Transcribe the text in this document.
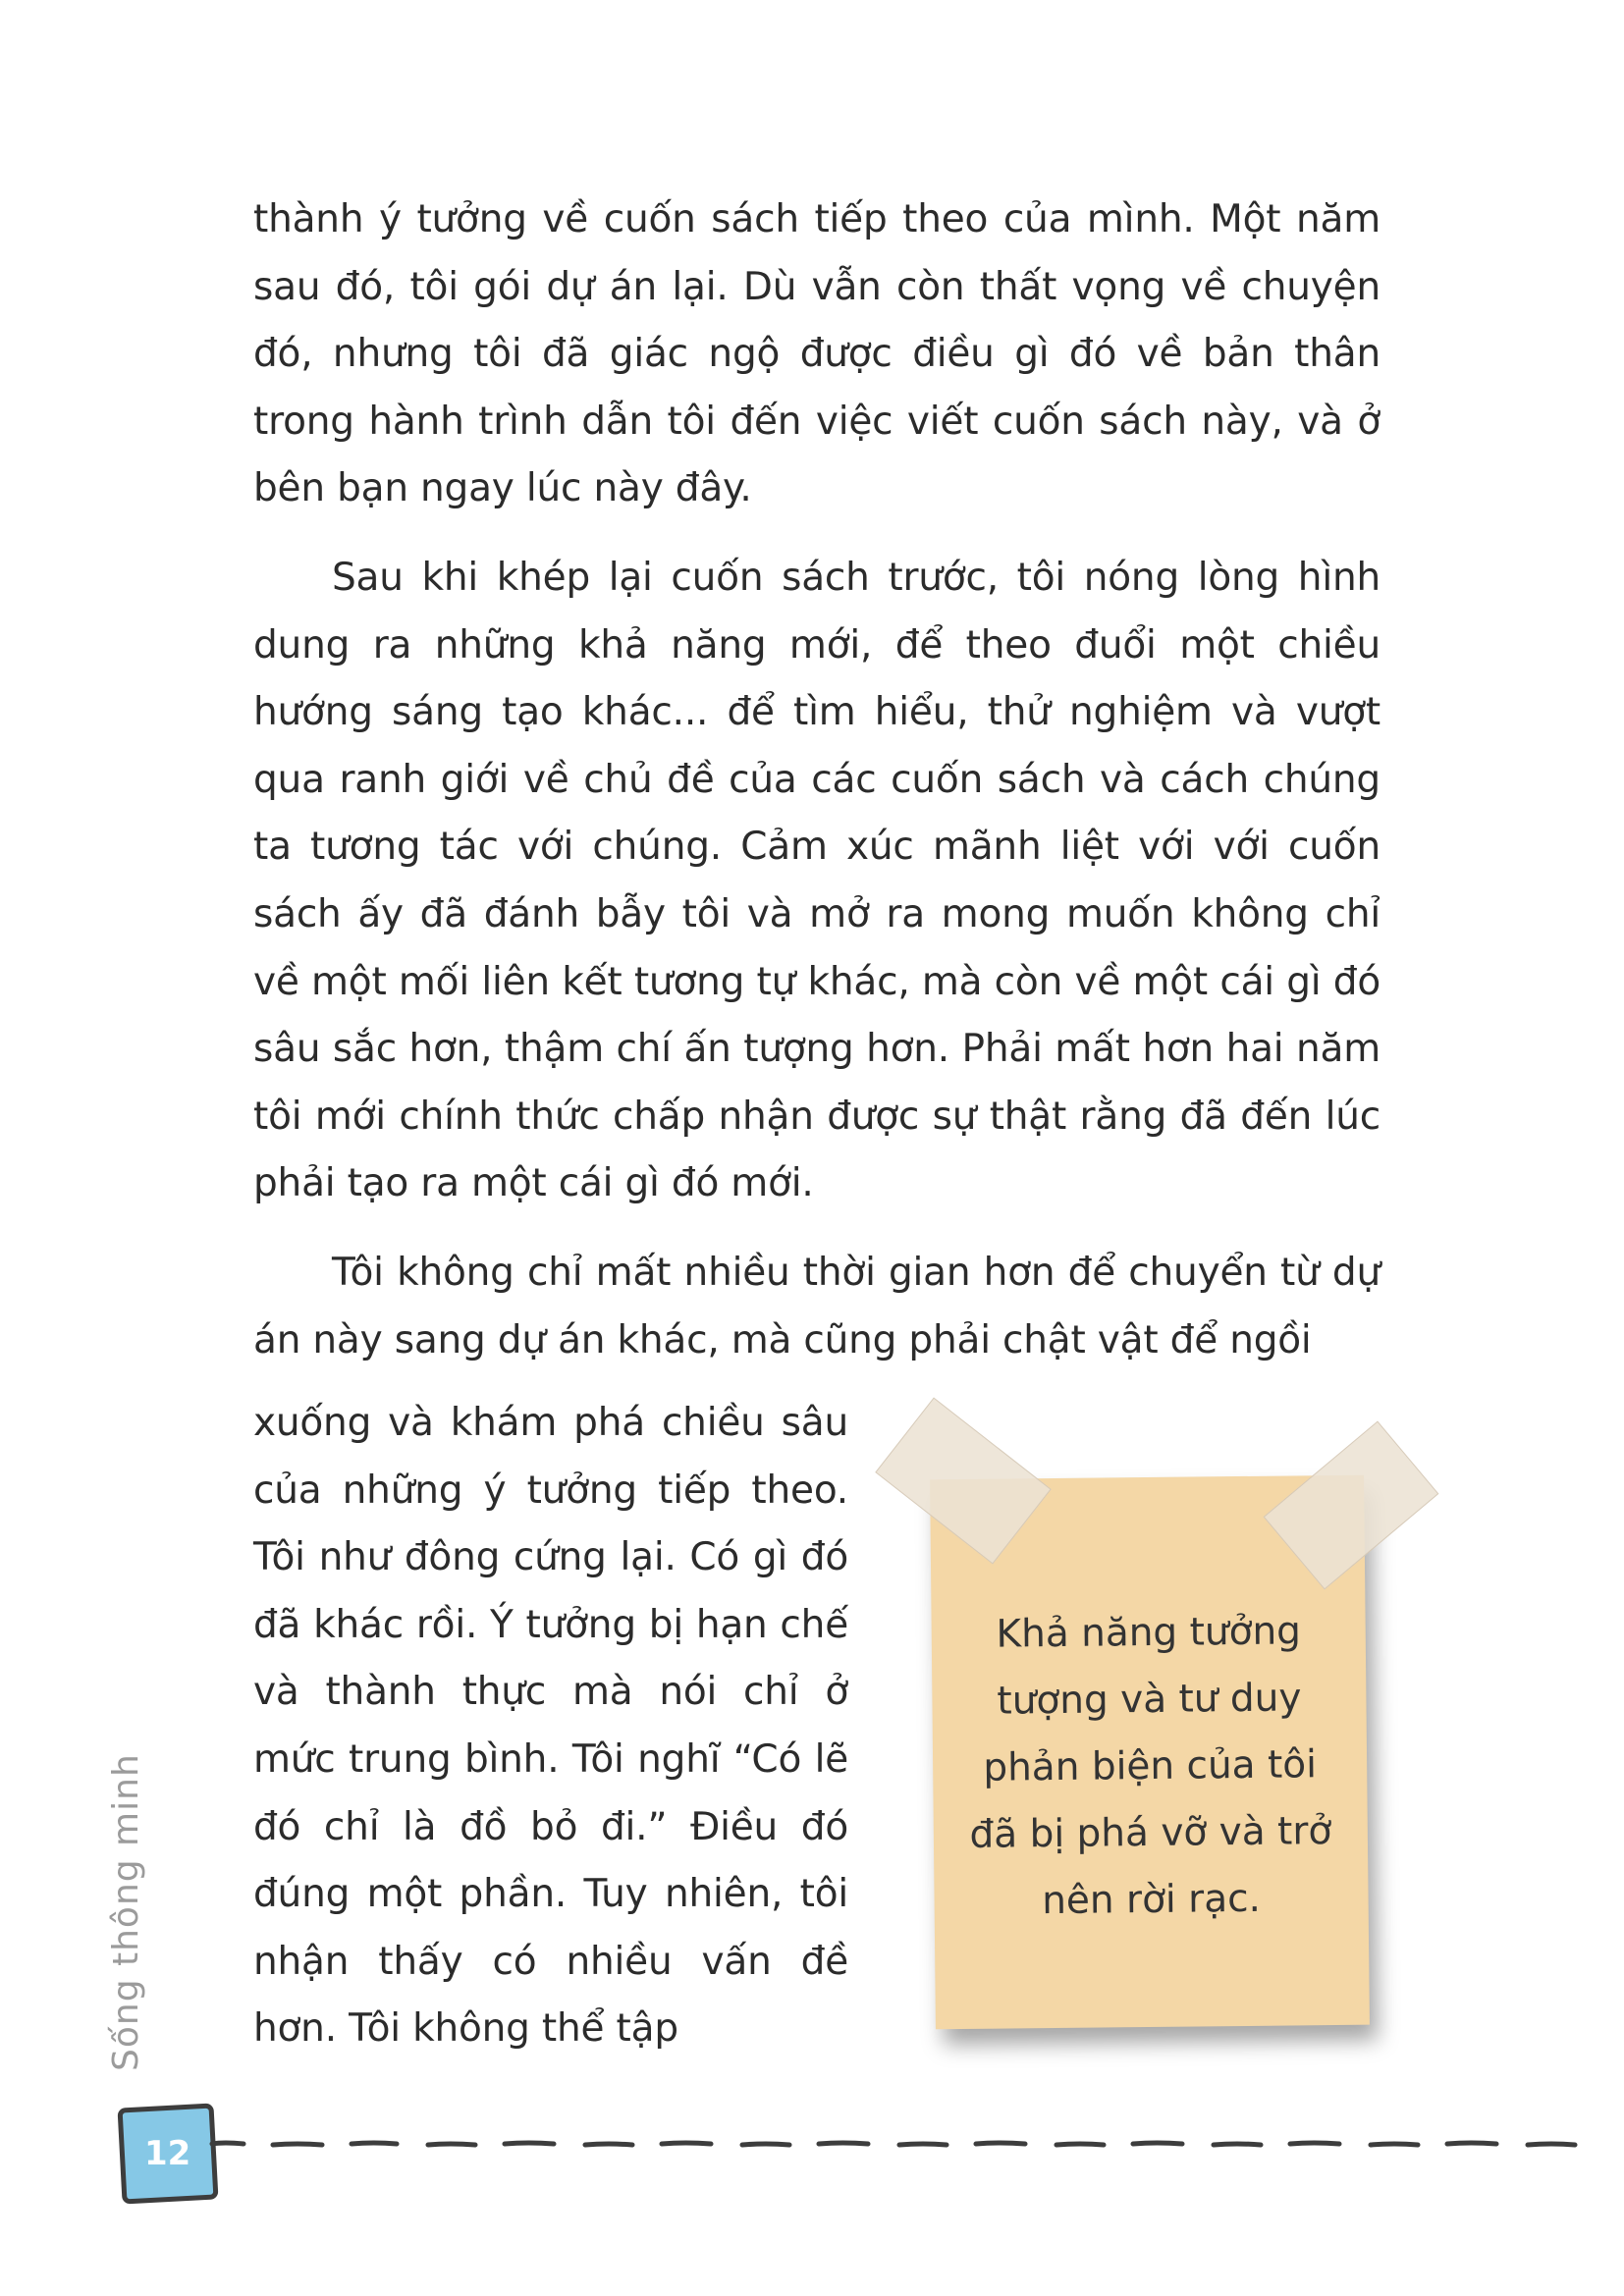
thành ý tưởng về cuốn sách tiếp theo của mình. Một năm sau đó, tôi gói dự án lại. Dù vẫn còn thất vọng về chuyện đó, nhưng tôi đã giác ngộ được điều gì đó về bản thân trong hành trình dẫn tôi đến việc viết cuốn sách này, và ở bên bạn ngay lúc này đây.

Sau khi khép lại cuốn sách trước, tôi nóng lòng hình dung ra những khả năng mới, để theo đuổi một chiều hướng sáng tạo khác... để tìm hiểu, thử nghiệm và vượt qua ranh giới về chủ đề của các cuốn sách và cách chúng ta tương tác với chúng. Cảm xúc mãnh liệt với với cuốn sách ấy đã đánh bẫy tôi và mở ra mong muốn không chỉ về một mối liên kết tương tự khác, mà còn về một cái gì đó sâu sắc hơn, thậm chí ấn tượng hơn. Phải mất hơn hai năm tôi mới chính thức chấp nhận được sự thật rằng đã đến lúc phải tạo ra một cái gì đó mới.

Tôi không chỉ mất nhiều thời gian hơn để chuyển từ dự án này sang dự án khác, mà cũng phải chật vật để ngồi

xuống và khám phá chiều sâu của những ý tưởng tiếp theo. Tôi như đông cứng lại. Có gì đó đã khác rồi. Ý tưởng bị hạn chế và thành thực mà nói chỉ ở mức trung bình. Tôi nghĩ “Có lẽ đó chỉ là đồ bỏ đi.” Điều đó đúng một phần. Tuy nhiên, tôi nhận thấy có nhiều vấn đề hơn. Tôi không thể tập

Khả năng tưởng tượng và tư duy phản biện của tôi đã bị phá vỡ và trở nên rời rạc.
Sống thông minh
12
